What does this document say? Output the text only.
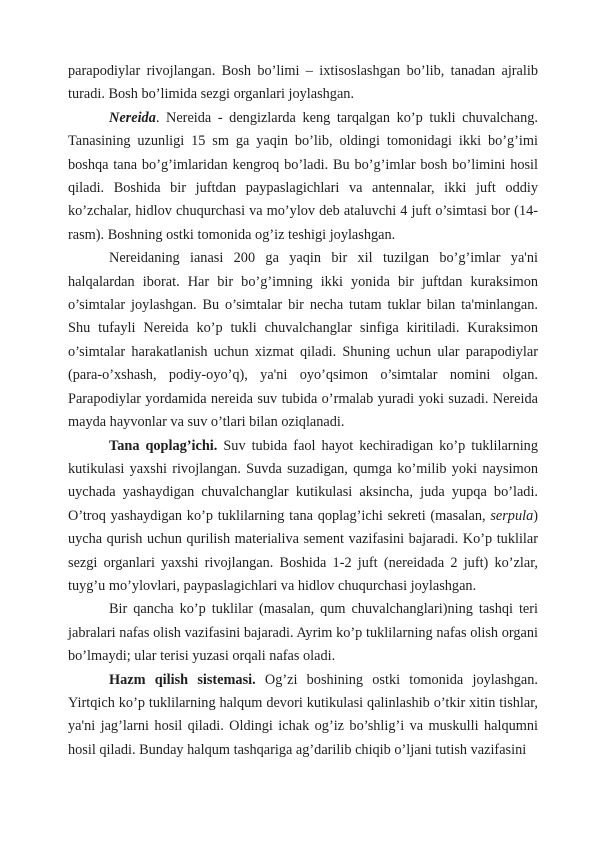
parapodiylar rivojlangan. Bosh bo’limi – ixtisoslashgan bo’lib, tanadan ajralib turadi. Bosh bo’limida sezgi organlari joylashgan.

Nereida. Nereida - dengizlarda keng tarqalgan ko’p tukli chuvalchang. Tanasining uzunligi 15 sm ga yaqin bo’lib, oldingi tomonidagi ikki bo’g’imi boshqa tana bo’g’imlaridan kengroq bo’ladi. Bu bo’g’imlar bosh bo’limini hosil qiladi. Boshida bir juftdan paypaslagichlari va antennalar, ikki juft oddiy ko’zchalar, hidlov chuqurchasi va mo’ylov deb ataluvchi 4 juft o’simtasi bor (14-rasm). Boshning ostki tomonida og’iz teshigi joylashgan.

Nereidaning ianasi 200 ga yaqin bir xil tuzilgan bo’g’imlar ya'ni halqalardan iborat. Har bir bo’g’imning ikki yonida bir juftdan kuraksimon o’simtalar joylashgan. Bu o’simtalar bir necha tutam tuklar bilan ta'minlangan. Shu tufayli Nereida ko’p tukli chuvalchanglar sinfiga kiritiladi. Kuraksimon o’simtalar harakatlanish uchun xizmat qiladi. Shuning uchun ular parapodiylar (para-o’xshash, podiy-oyo’q), ya'ni oyo’qsimon o’simtalar nomini olgan. Parapodiylar yordamida nereida suv tubida o’rmalab yuradi yoki suzadi. Nereida mayda hayvonlar va suv o’tlari bilan oziqlanadi.

Tana qoplag’ichi. Suv tubida faol hayot kechiradigan ko’p tuklilarning kutikulasi yaxshi rivojlangan. Suvda suzadigan, qumga ko’milib yoki naysimon uychada yashaydigan chuvalchanglar kutikulasi aksincha, juda yupqa bo’ladi. O’troq yashaydigan ko’p tuklilarning tana qoplag’ichi sekreti (masalan, serpula) uycha qurish uchun qurilish materialiva sement vazifasini bajaradi. Ko’p tuklilar sezgi organlari yaxshi rivojlangan. Boshida 1-2 juft (nereidada 2 juft) ko’zlar, tuyg’u mo’ylovlari, paypaslagichlari va hidlov chuqurchasi joylashgan.

Bir qancha ko’p tuklilar (masalan, qum chuvalchanglari)ning tashqi teri jabralari nafas olish vazifasini bajaradi. Ayrim ko’p tuklilarning nafas olish organi bo’lmaydi; ular terisi yuzasi orqali nafas oladi.

Hazm qilish sistemasi. Og’zi boshining ostki tomonida joylashgan. Yirtqich ko’p tuklilarning halqum devori kutikulasi qalinlashib o’tkir xitin tishlar, ya'ni jag’larni hosil qiladi. Oldingi ichak og’iz bo’shlig’i va muskulli halqumni hosil qiladi. Bunday halqum tashqariga ag’darilib chiqib o’ljani tutish vazifasini
